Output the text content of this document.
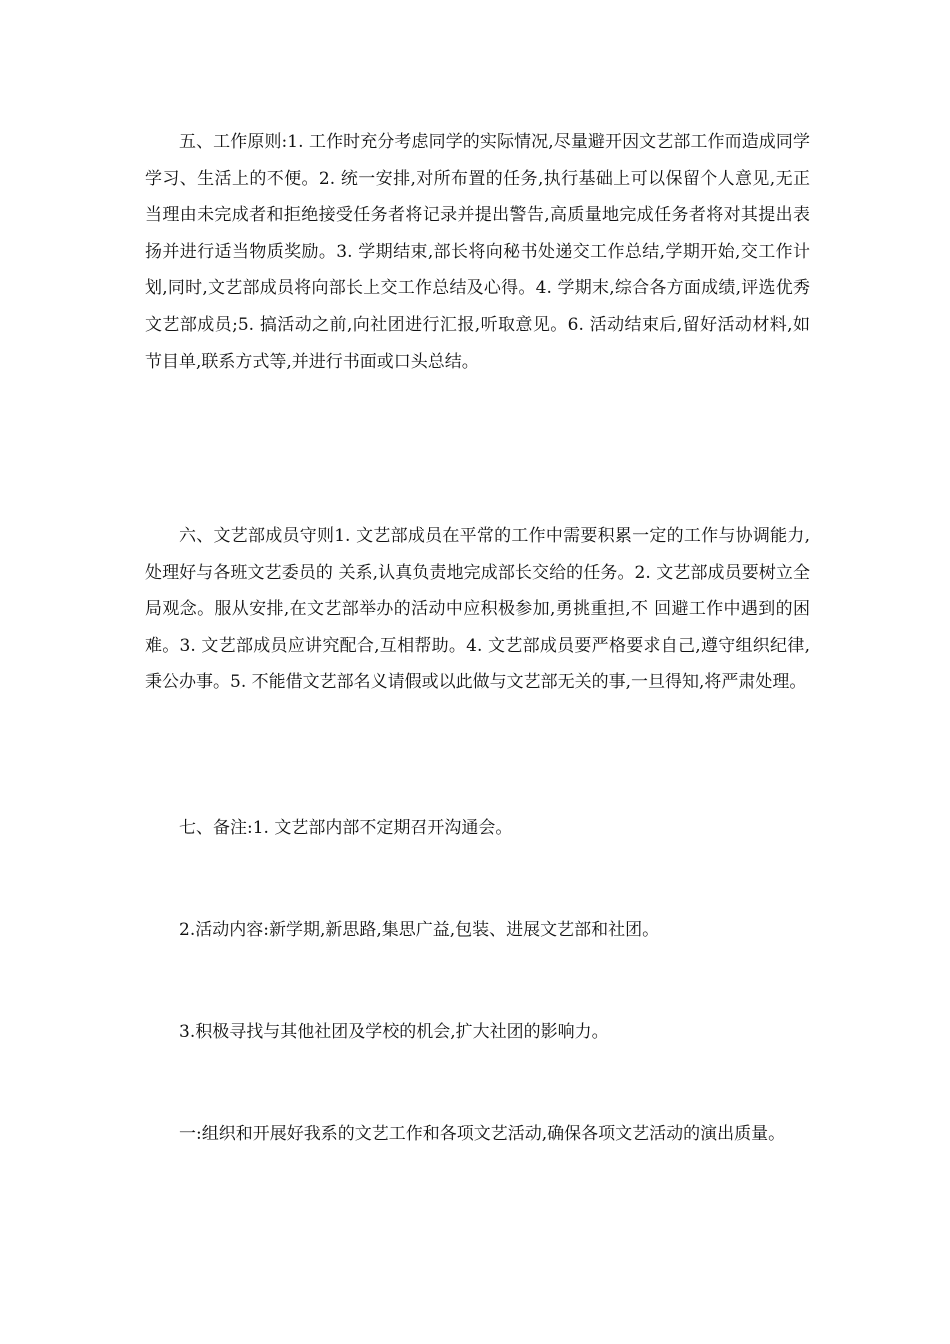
五、工作原则:1. 工作时充分考虑同学的实际情况,尽量避开因文艺部工作而造成同学学习、生活上的不便。2. 统一安排,对所布置的任务,执行基础上可以保留个人意见,无正当理由未完成者和拒绝接受任务者将记录并提出警告,高质量地完成任务者将对其提出表扬并进行适当物质奖励。3. 学期结束,部长将向秘书处递交工作总结,学期开始,交工作计划,同时,文艺部成员将向部长上交工作总结及心得。4. 学期末,综合各方面成绩,评选优秀文艺部成员;5. 搞活动之前,向社团进行汇报,听取意见。6. 活动结束后,留好活动材料,如节目单,联系方式等,并进行书面或口头总结。

六、文艺部成员守则1. 文艺部成员在平常的工作中需要积累一定的工作与协调能力,处理好与各班文艺委员的 关系,认真负责地完成部长交给的任务。2. 文艺部成员要树立全局观念。服从安排,在文艺部举办的活动中应积极参加,勇挑重担,不 回避工作中遇到的困难。3. 文艺部成员应讲究配合,互相帮助。4. 文艺部成员要严格要求自己,遵守组织纪律,秉公办事。5. 不能借文艺部名义请假或以此做与文艺部无关的事,一旦得知,将严肃处理。

七、备注:1. 文艺部内部不定期召开沟通会。

2.活动内容:新学期,新思路,集思广益,包装、进展文艺部和社团。

3.积极寻找与其他社团及学校的机会,扩大社团的影响力。

一:组织和开展好我系的文艺工作和各项文艺活动,确保各项文艺活动的演出质量。
